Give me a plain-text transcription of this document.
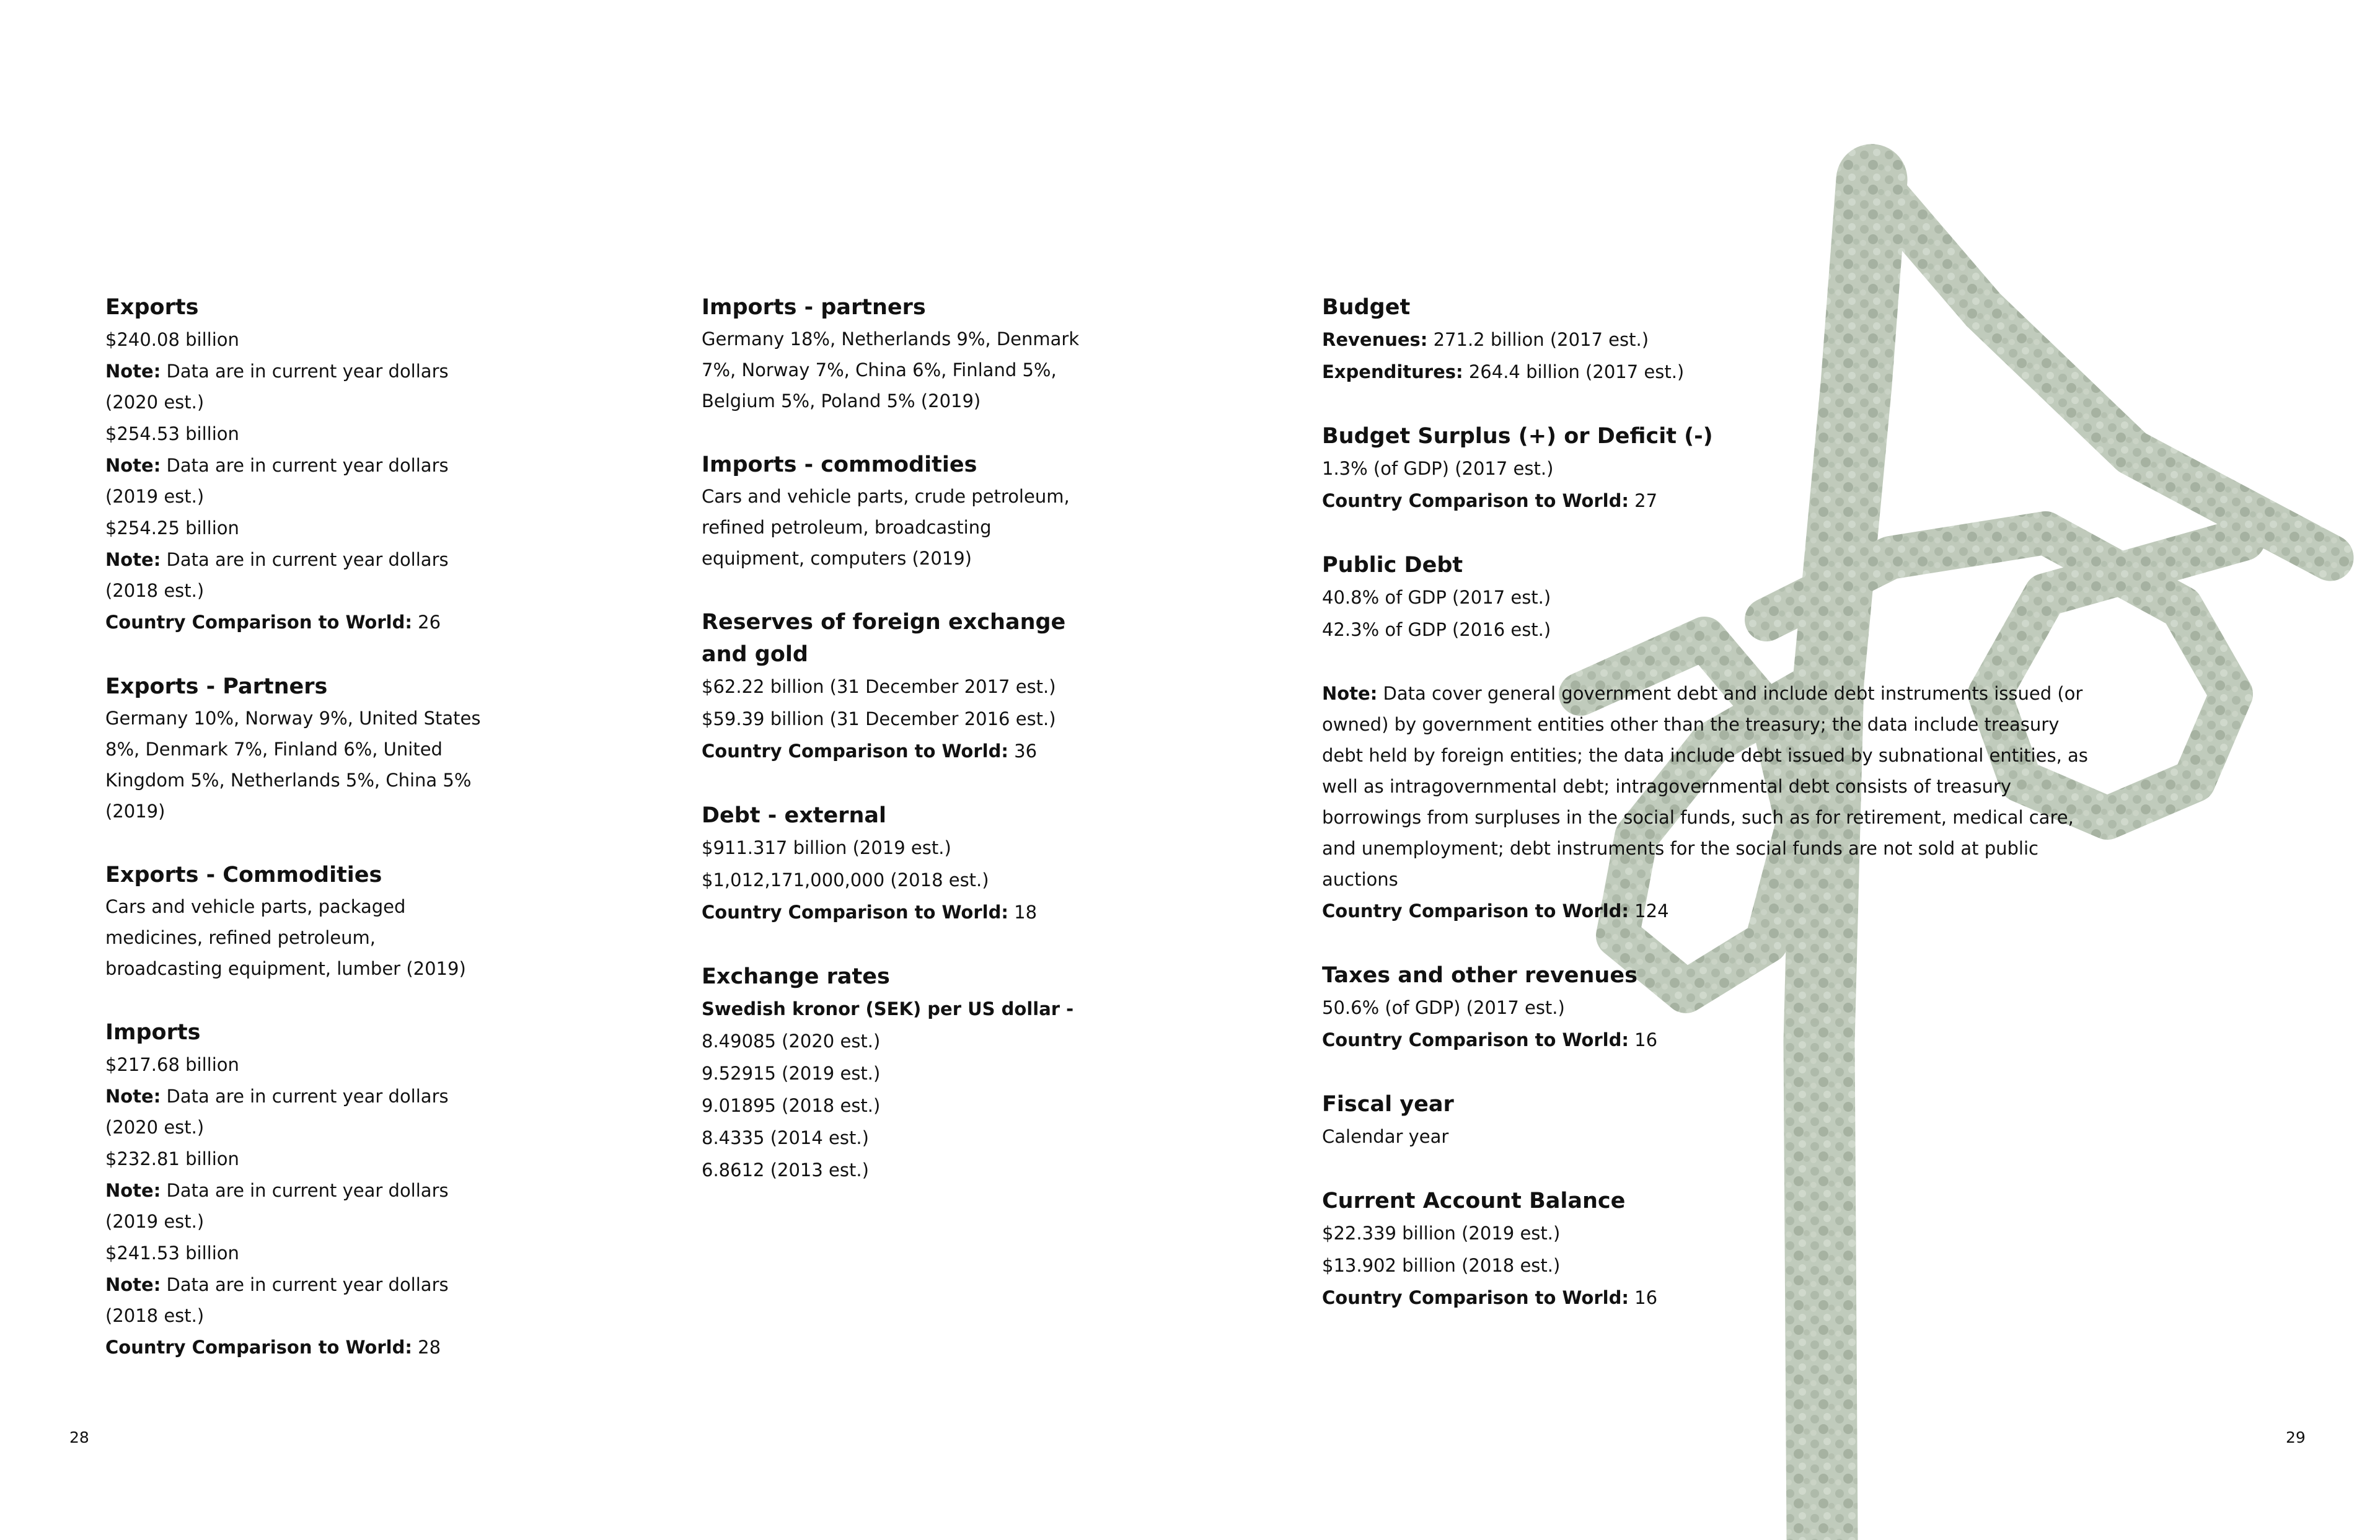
Exports

$240.08 billion

Note: Data are in current year dollars (2020 est.)

$254.53 billion

Note: Data are in current year dollars (2019 est.)

$254.25 billion

Note: Data are in current year dollars (2018 est.)

Country Comparison to World: 26

Exports - Partners

Germany 10%, Norway 9%, United States 8%, Denmark 7%, Finland 6%, United Kingdom 5%, Netherlands 5%, China 5% (2019)

Exports - Commodities

Cars and vehicle parts, packaged medicines, refined petroleum, broadcasting equipment, lumber (2019)

Imports

$217.68 billion

Note: Data are in current year dollars (2020 est.)

$232.81 billion

Note: Data are in current year dollars (2019 est.)

$241.53 billion

Note: Data are in current year dollars (2018 est.)

Country Comparison to World: 28

Imports - partners

Germany 18%, Netherlands 9%, Denmark 7%, Norway 7%, China 6%, Finland 5%, Belgium 5%, Poland 5% (2019)

Imports - commodities

Cars and vehicle parts, crude petroleum, refined petroleum, broadcasting equipment, computers (2019)

Reserves of foreign exchange and gold

$62.22 billion (31 December 2017 est.)

$59.39 billion (31 December 2016 est.)

Country Comparison to World: 36

Debt - external

$911.317 billion (2019 est.)

$1,012,171,000,000 (2018 est.)

Country Comparison to World: 18

Exchange rates

Swedish kronor (SEK) per US dollar -

8.49085 (2020 est.)

9.52915 (2019 est.)

9.01895 (2018 est.)

8.4335 (2014 est.)

6.8612 (2013 est.)

Budget

Revenues: 271.2 billion (2017 est.)

Expenditures: 264.4 billion (2017 est.)

Budget Surplus (+) or Deficit (-)

1.3% (of GDP) (2017 est.)

Country Comparison to World: 27

Public Debt

40.8% of GDP (2017 est.)

42.3% of GDP (2016 est.)

Note: Data cover general government debt and include debt instruments issued (or owned) by government entities other than the treasury; the data include treasury debt held by foreign entities; the data include debt issued by subnational entities, as well as intragovernmental debt; intragovernmental debt consists of treasury borrowings from surpluses in the social funds, such as for retirement, medical care, and unemployment; debt instruments for the social funds are not sold at public auctions

Country Comparison to World: 124

Taxes and other revenues

50.6% (of GDP) (2017 est.)

Country Comparison to World: 16

Fiscal year

Calendar year

Current Account Balance

$22.339 billion (2019 est.)

$13.902 billion (2018 est.)

Country Comparison to World: 16

28	29
